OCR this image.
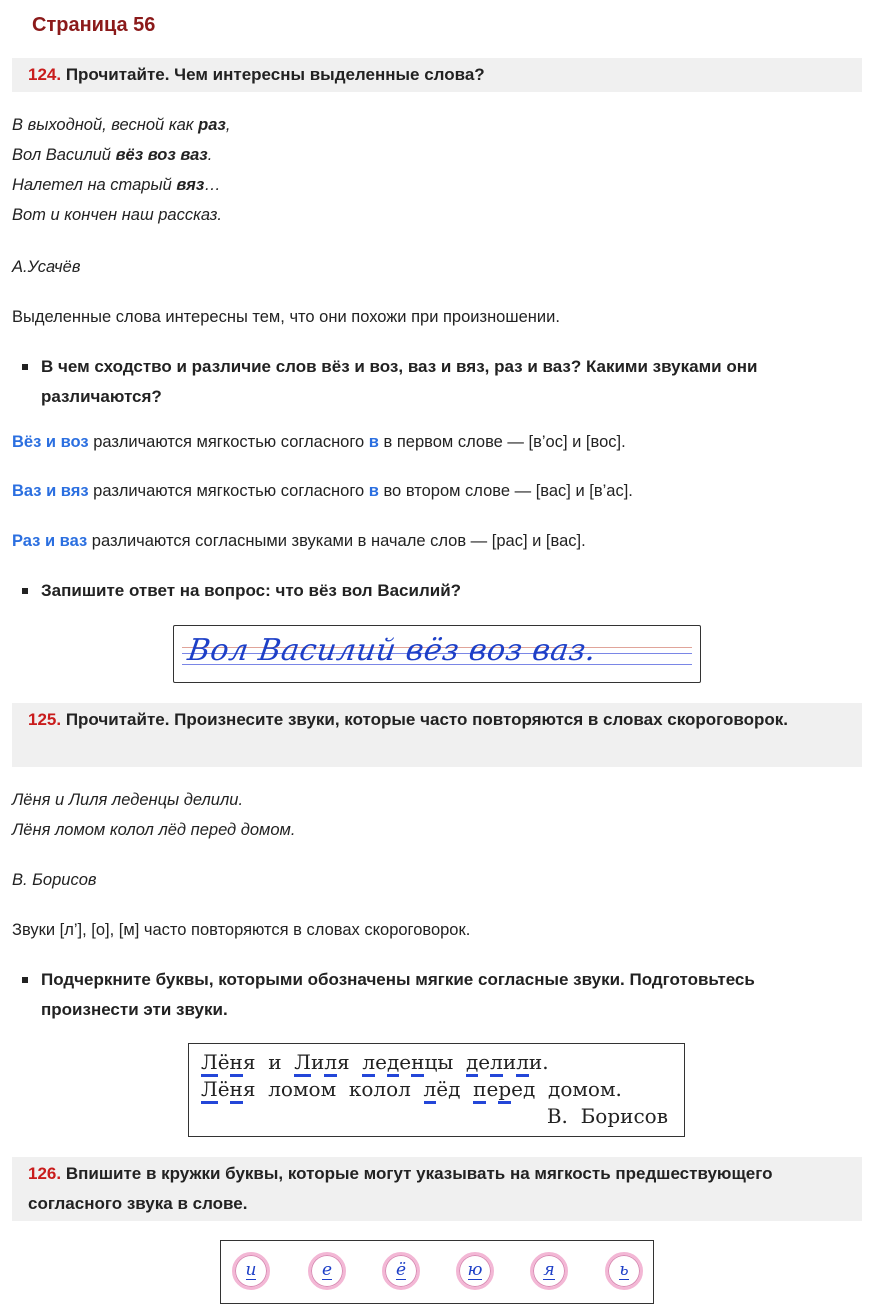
Страница 56
124. Прочитайте. Чем интересны выделенные слова?
В выходной, весной как раз,
Вол Василий вёз воз ваз.
Налетел на старый вяз…
Вот и кончен наш рассказ.
А.Усачёв
Выделенные слова интересны тем, что они похожи при произношении.
В чем сходство и различие слов вёз и воз, ваз и вяз, раз и ваз? Какими звуками они различаются?
Вёз и воз различаются мягкостью согласного в в первом слове — [в’ос] и [вос].
Ваз и вяз различаются мягкостью согласного в во втором слове — [вас] и [в’ас].
Раз и ваз различаются согласными звуками в начале слов — [рас] и [вас].
Запишите ответ на вопрос: что вёз вол Василий?
Вол Василий вёз воз ваз.
125. Прочитайте. Произнесите звуки, которые часто повторяются в словах скороговорок.
Лёня и Лиля леденцы делили.
Лёня ломом колол лёд перед домом.
В. Борисов
Звуки [л’], [о], [м] часто повторяются в словах скороговорок.
Подчеркните буквы, которыми обозначены мягкие согласные звуки. Подготовьтесь произнести эти звуки.
Лёня  и  Лиля  леденцы  делили.
Лёня  ломом  колол  лёд  перед  домом.
В.  Борисов
126. Впишите в кружки буквы, которые могут указывать на мягкость предшествующего согласного звука в слове.
и	е	ё	ю	я	ь
